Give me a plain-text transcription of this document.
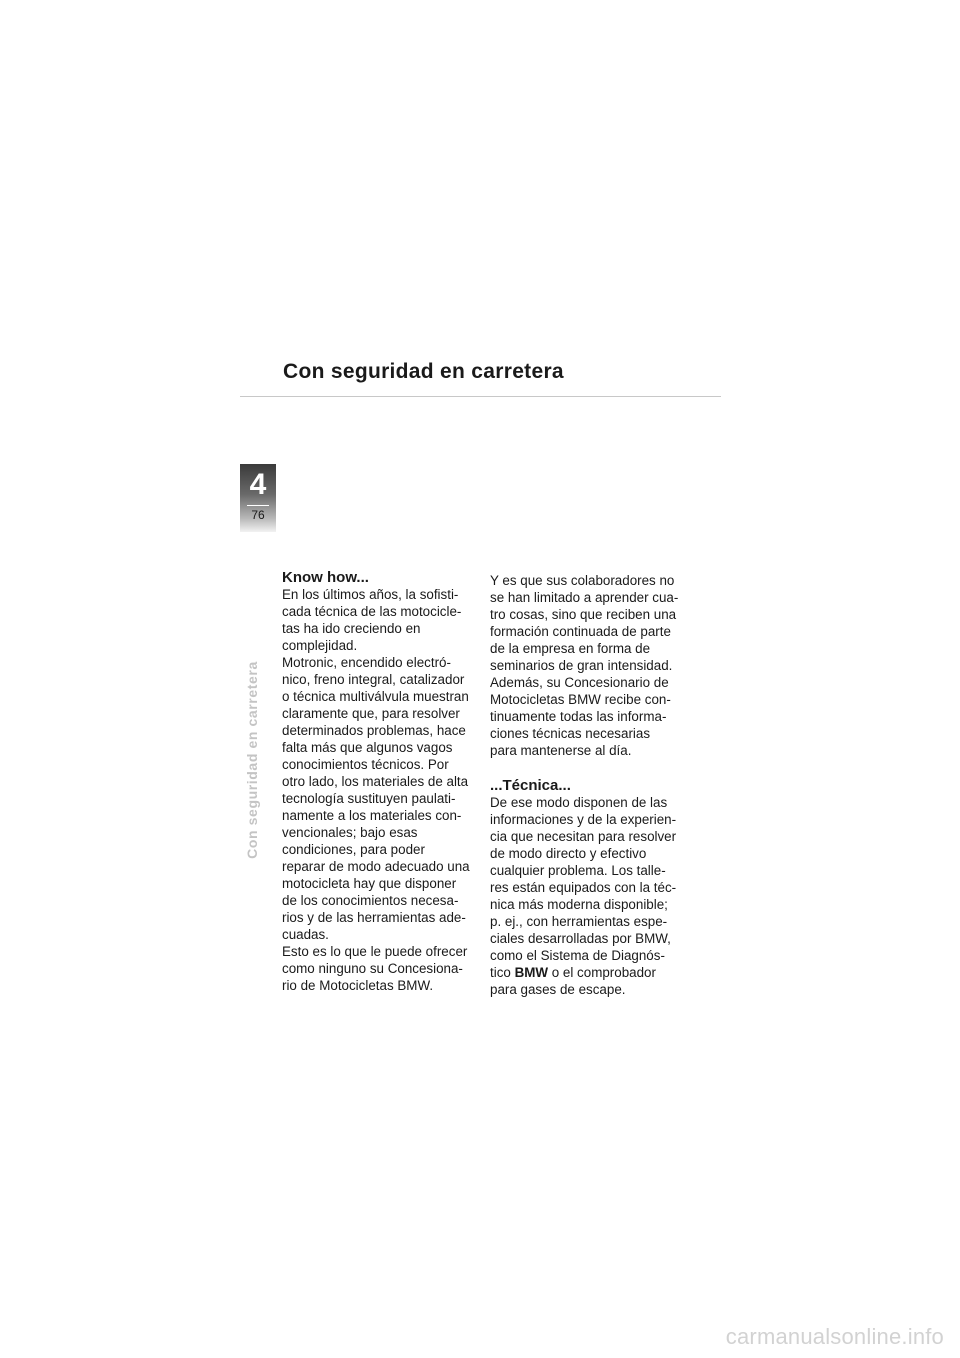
Con seguridad en carretera
4
76
Con seguridad en carretera
Know how...
En los últimos años, la sofisti-
cada técnica de las motocicle-
tas ha ido creciendo en
complejidad.
Motronic, encendido electró-
nico, freno integral, catalizador
o técnica multiválvula muestran
claramente que, para resolver
determinados problemas, hace
falta más que algunos vagos
conocimientos técnicos. Por
otro lado, los materiales de alta
tecnología sustituyen paulati-
namente a los materiales con-
vencionales; bajo esas
condiciones, para poder
reparar de modo adecuado una
motocicleta hay que disponer
de los conocimientos necesa-
rios y de las herramientas ade-
cuadas.
Esto es lo que le puede ofrecer
como ninguno su Concesiona-
rio de Motocicletas BMW.
Y es que sus colaboradores no
se han limitado a aprender cua-
tro cosas, sino que reciben una
formación continuada de parte
de la empresa en forma de
seminarios de gran intensidad.
Además, su Concesionario de
Motocicletas BMW recibe con-
tinuamente todas las informa-
ciones técnicas necesarias
para mantenerse al día.
...Técnica...
De ese modo disponen de las
informaciones y de la experien-
cia que necesitan para resolver
de modo directo y efectivo
cualquier problema. Los talle-
res están equipados con la téc-
nica más moderna disponible;
p. ej., con herramientas espe-
ciales desarrolladas por BMW,
como el Sistema de Diagnós-
tico BMW o el comprobador
para gases de escape.
carmanualsonline.info
